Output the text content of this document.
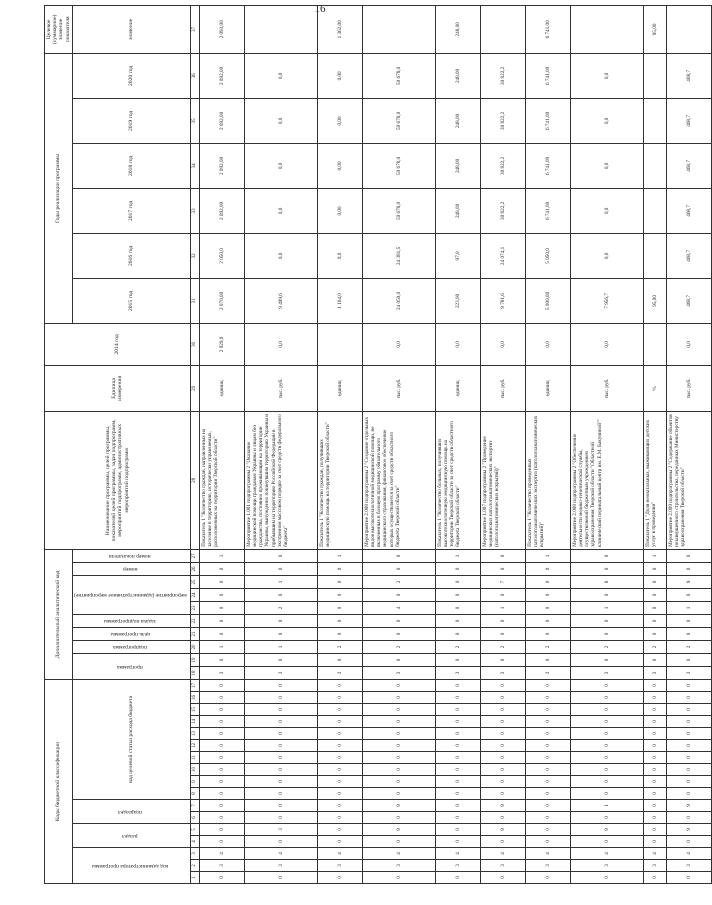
16
Коды бюджетной классификации																	Дополнительный аналитический код										Наименование программы, целей программы, показателей целей программы, задач подпрограмм, мероприятий подпрограмм, административных мероприятий подпрограмм	Единица измерения	2014 год	Годы реализации программы						Целевое (суммарное) значение показателя
код администратора программы			раздел		подраздел		код целевой статьи расхода бюджета										программа		подпрограмма	цель программы	задача подпрограммы	мероприятие (административное мероприятие)			номер	номер показателя				2015 год	2016 год	2017 год	2018 год	2019 год	2020 год	значение
1	2	3	4	5	6	7	8	9	10	11	12	13	14	15	16	17	18	19	20	21	22	23	24	25	26	27	28	29	30	31	32	33	34	35	36	37
0	3	4	0	0	0	0	0	0	0	0	0	0	0	0	0	0	3	0	1	0	0	0	0	0	0	1	Показатель 1 "Количество граждан, направленных на заселение в территорию, исторически управляемых, расположенных на территории Тверской области"	единиц	2 929,0	2 070,00	2 050,0	2 092,00	2 092,00	2 092,00	2 092,00	2 093,00
0	3	4	0	3	0	0	0	0	0	0	0	0	0	0	0	0	3	0	1	0	0	2	0	1	0	0	Мероприятие 1.001 подпрограммы 2 "Оказание медицинской помощи гражданам Украины и лицам без гражданства, постоянно проживающим на территории Украины, вынужденно покинувшим территорию Украины и прибывшим на территорию Российской Федерации в экстренном массовом порядке за счет средств федерального бюджета"	тыс. руб.	0,0	9 499,6	0,0	0,0	0,0	0,0	0,0	
0	3	4	0	0	0	0	0	0	0	0	0	0	0	0	0	0	3	0	2	0	0	0	0	0	0	1	Показатель 1 "Количество граждан, получивших медицинскую помощь на территории Тверской области"	единиц		1 164,0	0,0	0,00	0,00	0,00	0,00	1 362,00
0	3	4	0	9	0	9	0	0	0	0	0	0	0	0	0	0	3	0	2	0	0	4	0	2	0	0	Мероприятие 2.008 подпрограммы 2 "Создание отдельных видов высокотехнологичной медицинской помощи, не включенных в базовую программу обязательного медицинского страхования, финансовое обеспечение которых осуществляется за счет средств областного бюджета Тверской области"	тыс. руб.	0,0	24 050,0	24 381,5	50 678,0	50 678,0	50 678,0	50 678,0	
0	3	4	0	0	0	0	0	0	0	0	0	0	0	0	0	0	3	0	2	0	0	0	0	0	0	1	Показатель 1 "Количество больных, получивших высокотехнологичную медицинскую помощь на территории Тверской области за счет средств областного бюджета Тверской области"	единиц	0,0	223,00	97,0	248,00	248,00	248,00	248,00	248,00
0	3	4	0	9	0	9	0	0	0	0	0	0	0	0	0	0	3	0	2	0	0	1	0	7	0	0	Мероприятие 1.007 подпрограммы 2 "Проведение медицинских патологоанатомических экспертиз (патологоанатомических вскрытий)"	тыс. руб.	0,0	9 781,6	24 074,1	30 822,2	30 822,2	30 822,2	30 822,2	
0	3	4	0	0	0	0	0	0	0	0	0	0	0	0	0	0	3	0	2	0	0	0	0	0	0	1	Показатель 1 "Количество проведенных патологоанатомических экспертиз (патологоанатомических вскрытий)"	единиц	0,0	5 000,00	5 050,0	6 741,00	6 741,00	6 741,00	6 741,00	6 741,00
0	3	4	0	9	0	1	0	0	0	0	0	0	0	0	0	0	3	0	2	0	0	1	0	8	0	0	Мероприятие 2.008 подпрограммы 2 "Обеспечение деятельности медико-генетической службы, осуществляемой бюджетным учреждением здравоохранения Тверской области "Областной клинический перинатальный центр им. Е.М. Бакуниной""	тыс. руб.	0,0	7 956,7	0,0	0,0	0,0	0,0	0,0	
0	3	4	0	0	0	0	0	0	0	0	0	0	0	0	0	0	3	0	2	0	0	0	0	0	0	1	Показатель 1 "Доля неонатальных, выживающих детских услуг в проведении"	%		95,00						95,00
0	3	4	0	9	0	9	0	0	0	0	0	0	0	0	0	0	3	0	2	0	0	1	0	9	0	0	Мероприятие 2.009 подпрограммы 2 "Содержание объектов незавершенного строительства, переданных Министерству здравоохранения Тверской области"	тыс. руб.	0,0	468,7	468,7	468,7	468,7	468,7	468,7	
